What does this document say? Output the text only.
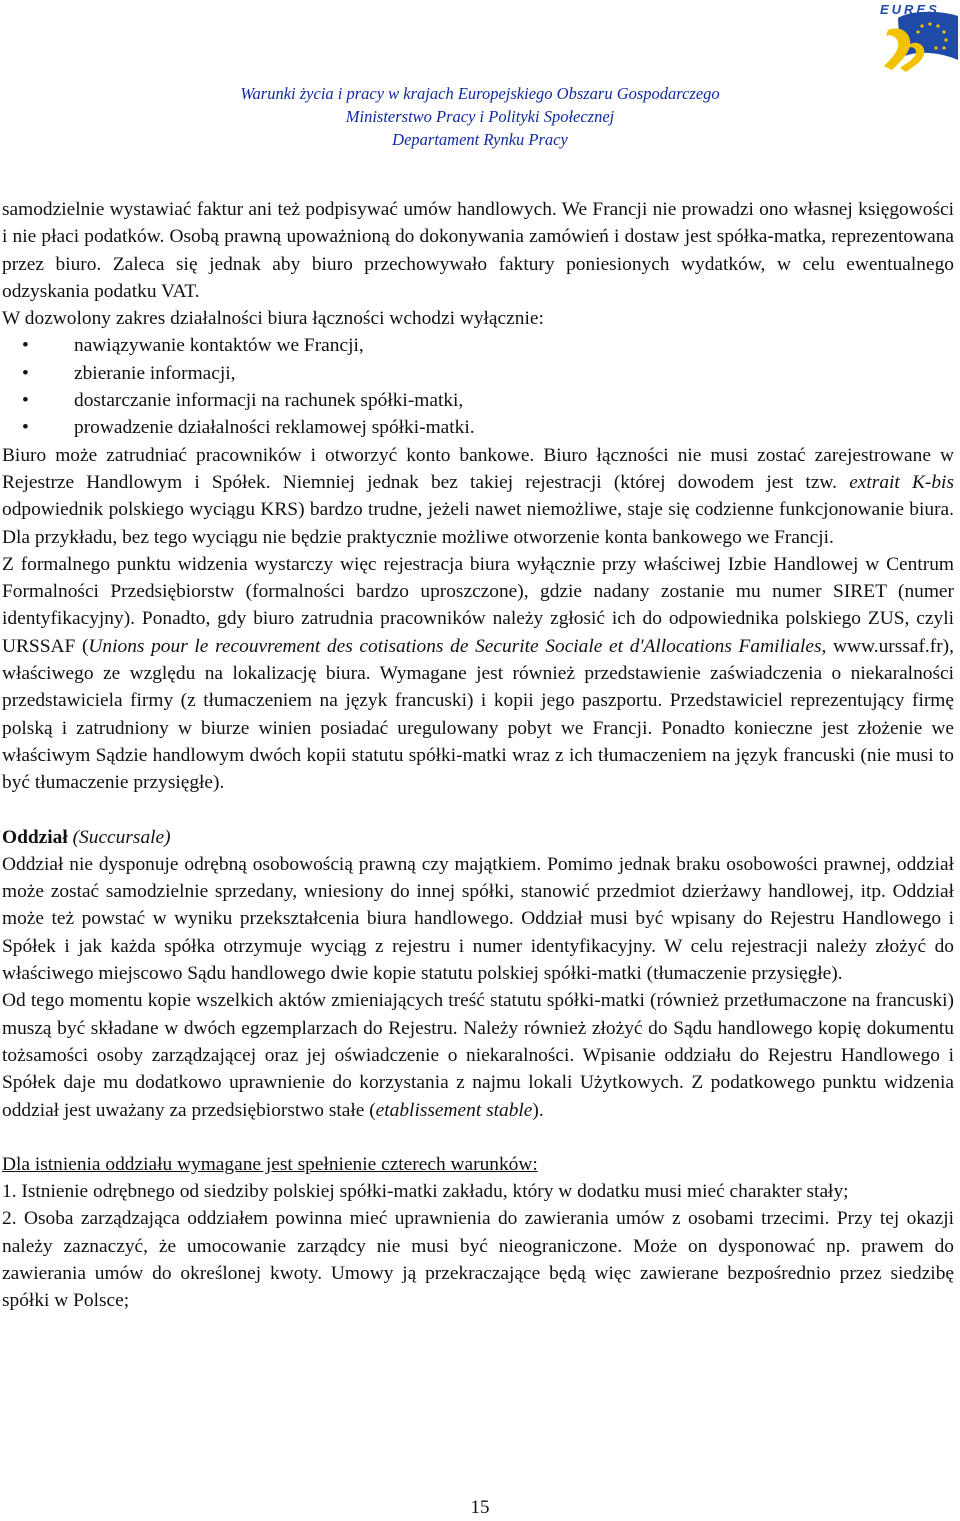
EURES
Warunki życia i pracy w krajach Europejskiego Obszaru Gospodarczego
Ministerstwo Pracy i Polityki Społecznej
Departament Rynku Pracy

samodzielnie wystawiać faktur ani też podpisywać umów handlowych. We Francji nie prowadzi ono własnej księgowości i nie płaci podatków. Osobą prawną upoważnioną do dokonywania zamówień i dostaw jest spółka-matka, reprezentowana przez biuro. Zaleca się jednak aby biuro przechowywało faktury poniesionych wydatków, w celu ewentualnego odzyskania podatku VAT.

W dozwolony zakres działalności biura łączności wchodzi wyłącznie:

• nawiązywanie kontaktów we Francji,
• zbieranie informacji,
• dostarczanie informacji na rachunek spółki-matki,
• prowadzenie działalności reklamowej spółki-matki.

Biuro może zatrudniać pracowników i otworzyć konto bankowe. Biuro łączności nie musi zostać zarejestrowane w Rejestrze Handlowym i Spółek. Niemniej jednak bez takiej rejestracji (której dowodem jest tzw. extrait K-bis odpowiednik polskiego wyciągu KRS) bardzo trudne, jeżeli nawet niemożliwe, staje się codzienne funkcjonowanie biura. Dla przykładu, bez tego wyciągu nie będzie praktycznie możliwe otworzenie konta bankowego we Francji.

Z formalnego punktu widzenia wystarczy więc rejestracja biura wyłącznie przy właściwej Izbie Handlowej w Centrum Formalności Przedsiębiorstw (formalności bardzo uproszczone), gdzie nadany zostanie mu numer SIRET (numer identyfikacyjny). Ponadto, gdy biuro zatrudnia pracowników należy zgłosić ich do odpowiednika polskiego ZUS, czyli URSSAF (Unions pour le recouvrement des cotisations de Securite Sociale et d'Allocations Familiales, www.urssaf.fr), właściwego ze względu na lokalizację biura. Wymagane jest również przedstawienie zaświadczenia o niekaralności przedstawiciela firmy (z tłumaczeniem na język francuski) i kopii jego paszportu. Przedstawiciel reprezentujący firmę polską i zatrudniony w biurze winien posiadać uregulowany pobyt we Francji. Ponadto konieczne jest złożenie we właściwym Sądzie handlowym dwóch kopii statutu spółki-matki wraz z ich tłumaczeniem na język francuski (nie musi to być tłumaczenie przysięgłe).

Oddział (Succursale)

Oddział nie dysponuje odrębną osobowością prawną czy majątkiem. Pomimo jednak braku osobowości prawnej, oddział może zostać samodzielnie sprzedany, wniesiony do innej spółki, stanowić przedmiot dzierżawy handlowej, itp. Oddział może też powstać w wyniku przekształcenia biura handlowego. Oddział musi być wpisany do Rejestru Handlowego i Spółek i jak każda spółka otrzymuje wyciąg z rejestru i numer identyfikacyjny. W celu rejestracji należy złożyć do właściwego miejscowo Sądu handlowego dwie kopie statutu polskiej spółki-matki (tłumaczenie przysięgłe).

Od tego momentu kopie wszelkich aktów zmieniających treść statutu spółki-matki (również przetłumaczone na francuski) muszą być składane w dwóch egzemplarzach do Rejestru. Należy również złożyć do Sądu handlowego kopię dokumentu tożsamości osoby zarządzającej oraz jej oświadczenie o niekaralności. Wpisanie oddziału do Rejestru Handlowego i Spółek daje mu dodatkowo uprawnienie do korzystania z najmu lokali Użytkowych. Z podatkowego punktu widzenia oddział jest uważany za przedsiębiorstwo stałe (etablissement stable).

Dla istnienia oddziału wymagane jest spełnienie czterech warunków:

1. Istnienie odrębnego od siedziby polskiej spółki-matki zakładu, który w dodatku musi mieć charakter stały;

2. Osoba zarządzająca oddziałem powinna mieć uprawnienia do zawierania umów z osobami trzecimi. Przy tej okazji należy zaznaczyć, że umocowanie zarządcy nie musi być nieograniczone. Może on dysponować np. prawem do zawierania umów do określonej kwoty. Umowy ją przekraczające będą więc zawierane bezpośrednio przez siedzibę spółki w Polsce;

15
